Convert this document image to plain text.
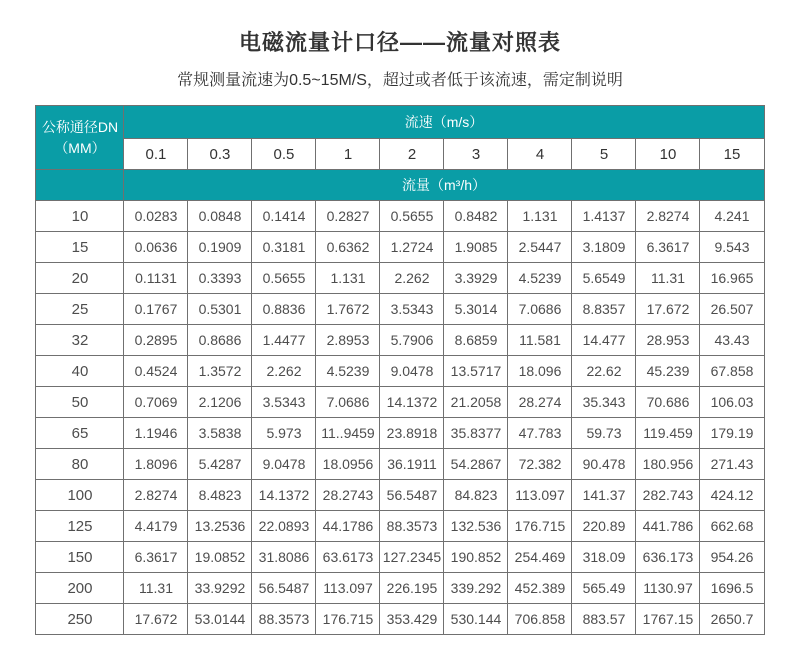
电磁流量计口径——流量对照表

常规测量流速为0.5~15M/S，超过或者低于该流速，需定制说明

公称通径DN
（MM）	流速（m/s）									
	0.1	0.3	0.5	1	2	3	4	5	10	15
	流量（m³/h）									
10	0.0283	0.0848	0.1414	0.2827	0.5655	0.8482	1.131	1.4137	2.8274	4.241
15	0.0636	0.1909	0.3181	0.6362	1.2724	1.9085	2.5447	3.1809	6.3617	9.543
20	0.1131	0.3393	0.5655	1.131	2.262	3.3929	4.5239	5.6549	11.31	16.965
25	0.1767	0.5301	0.8836	1.7672	3.5343	5.3014	7.0686	8.8357	17.672	26.507
32	0.2895	0.8686	1.4477	2.8953	5.7906	8.6859	11.581	14.477	28.953	43.43
40	0.4524	1.3572	2.262	4.5239	9.0478	13.5717	18.096	22.62	45.239	67.858
50	0.7069	2.1206	3.5343	7.0686	14.1372	21.2058	28.274	35.343	70.686	106.03
65	1.1946	3.5838	5.973	11..9459	23.8918	35.8377	47.783	59.73	119.459	179.19
80	1.8096	5.4287	9.0478	18.0956	36.1911	54.2867	72.382	90.478	180.956	271.43
100	2.8274	8.4823	14.1372	28.2743	56.5487	84.823	113.097	141.37	282.743	424.12
125	4.4179	13.2536	22.0893	44.1786	88.3573	132.536	176.715	220.89	441.786	662.68
150	6.3617	19.0852	31.8086	63.6173	127.2345	190.852	254.469	318.09	636.173	954.26
200	11.31	33.9292	56.5487	113.097	226.195	339.292	452.389	565.49	1130.97	1696.5
250	17.672	53.0144	88.3573	176.715	353.429	530.144	706.858	883.57	1767.15	2650.7
